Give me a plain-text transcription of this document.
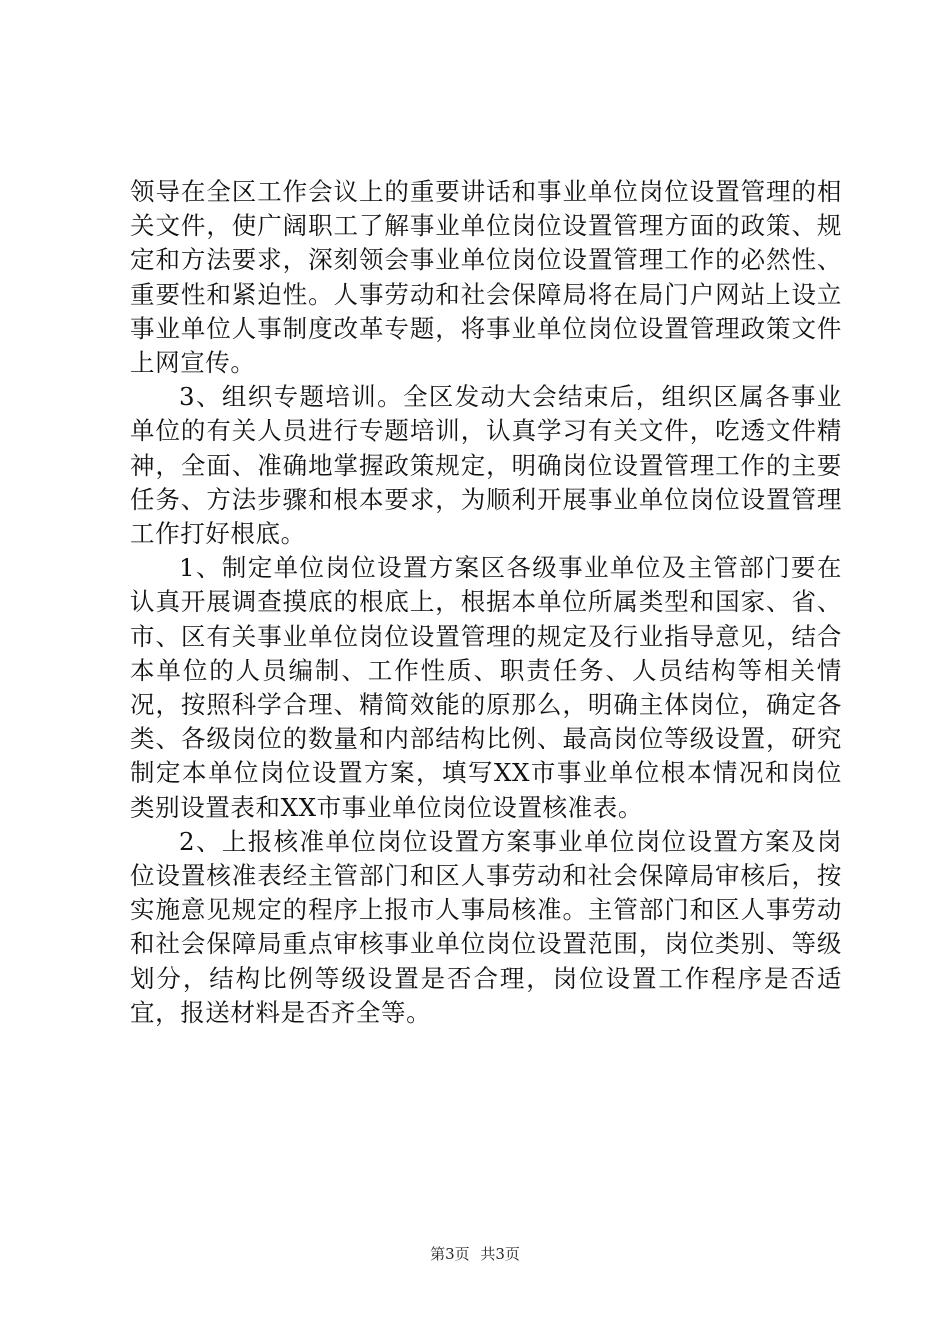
领导在全区工作会议上的重要讲话和事业单位岗位设置管理的相关文件，使广阔职工了解事业单位岗位设置管理方面的政策、规定和方法要求，深刻领会事业单位岗位设置管理工作的必然性、重要性和紧迫性。人事劳动和社会保障局将在局门户网站上设立事业单位人事制度改革专题，将事业单位岗位设置管理政策文件上网宣传。

3、组织专题培训。全区发动大会结束后，组织区属各事业单位的有关人员进行专题培训，认真学习有关文件，吃透文件精神，全面、准确地掌握政策规定，明确岗位设置管理工作的主要任务、方法步骤和根本要求，为顺利开展事业单位岗位设置管理工作打好根底。

1、制定单位岗位设置方案区各级事业单位及主管部门要在认真开展调查摸底的根底上，根据本单位所属类型和国家、省、市、区有关事业单位岗位设置管理的规定及行业指导意见，结合本单位的人员编制、工作性质、职责任务、人员结构等相关情况，按照科学合理、精简效能的原那么，明确主体岗位，确定各类、各级岗位的数量和内部结构比例、最高岗位等级设置，研究制定本单位岗位设置方案，填写XX市事业单位根本情况和岗位类别设置表和XX市事业单位岗位设置核准表。

2、上报核准单位岗位设置方案事业单位岗位设置方案及岗位设置核准表经主管部门和区人事劳动和社会保障局审核后，按实施意见规定的程序上报市人事局核准。主管部门和区人事劳动和社会保障局重点审核事业单位岗位设置范围，岗位类别、等级划分，结构比例等级设置是否合理，岗位设置工作程序是否适宜，报送材料是否齐全等。

第3页 共3页
